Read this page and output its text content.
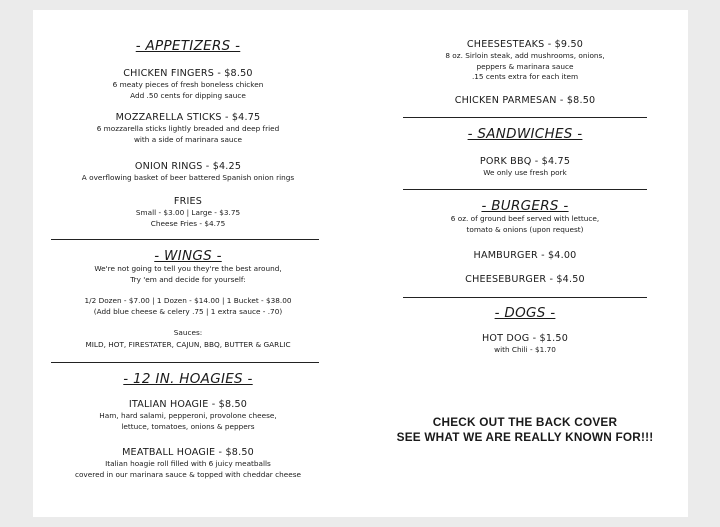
- APPETIZERS -
CHICKEN FINGERS - $8.50
6 meaty pieces of fresh boneless chicken
Add .50 cents for dipping sauce
MOZZARELLA STICKS - $4.75
6 mozzarella sticks lightly breaded and deep fried
with a side of marinara sauce
ONION RINGS - $4.25
A overflowing basket of beer battered Spanish onion rings
FRIES
Small - $3.00 | Large - $3.75
Cheese Fries - $4.75
- WINGS -
We're not going to tell you they're the best around,
Try 'em and decide for yourself:
1/2 Dozen - $7.00 | 1 Dozen - $14.00 | 1 Bucket - $38.00
(Add blue cheese & celery .75 | 1 extra sauce - .70)
Sauces:
MILD, HOT, FIRESTATER, CAJUN, BBQ, BUTTER & GARLIC
- 12 IN. HOAGIES -
ITALIAN HOAGIE - $8.50
Ham, hard salami, pepperoni, provolone cheese,
lettuce, tomatoes, onions & peppers
MEATBALL HOAGIE - $8.50
Italian hoagie roll filled with 6 juicy meatballs
covered in our marinara sauce & topped with cheddar cheese
CHEESESTEAKS - $9.50
8 oz. Sirloin steak, add mushrooms, onions,
peppers & marinara sauce
.15 cents extra for each item
CHICKEN PARMESAN - $8.50
- SANDWICHES -
PORK BBQ - $4.75
We only use fresh pork
- BURGERS -
6 oz. of ground beef served with lettuce,
tomato & onions (upon request)
HAMBURGER - $4.00
CHEESEBURGER - $4.50
- DOGS -
HOT DOG - $1.50
with Chili - $1.70
CHECK OUT THE BACK COVER
SEE WHAT WE ARE REALLY KNOWN FOR!!!
